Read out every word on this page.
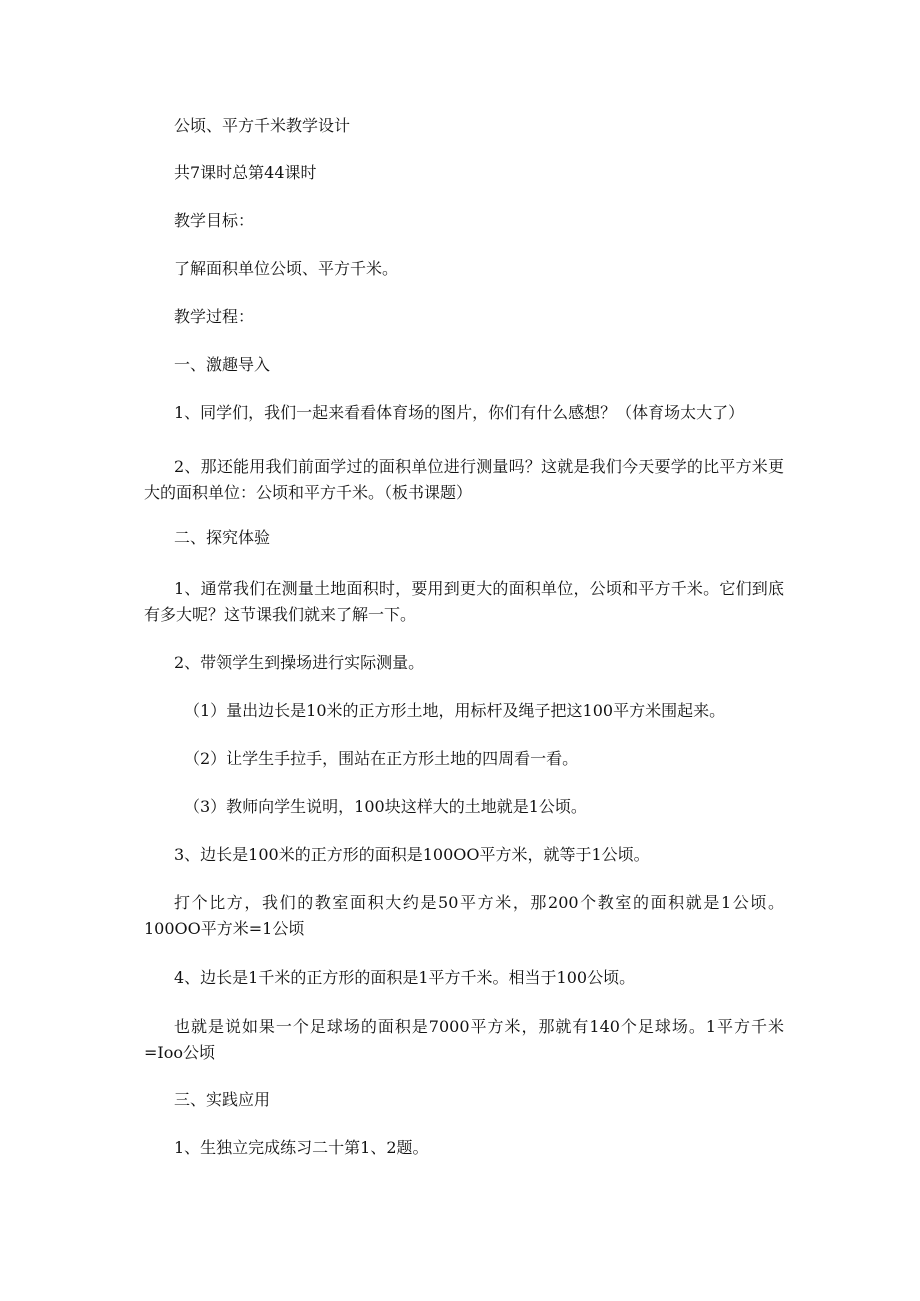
公顷、平方千米教学设计

共7课时总第44课时

教学目标：

了解面积单位公顷、平方千米。

教学过程：

一、激趣导入

1、同学们，我们一起来看看体育场的图片，你们有什么感想？（体育场太大了）

2、那还能用我们前面学过的面积单位进行测量吗？这就是我们今天要学的比平方米更大的面积单位：公顷和平方千米。（板书课题）

二、探究体验

1、通常我们在测量土地面积时，要用到更大的面积单位，公顷和平方千米。它们到底有多大呢？这节课我们就来了解一下。

2、带领学生到操场进行实际测量。

（1）量出边长是10米的正方形土地，用标杆及绳子把这100平方米围起来。

（2）让学生手拉手，围站在正方形土地的四周看一看。

（3）教师向学生说明，100块这样大的土地就是1公顷。

3、边长是100米的正方形的面积是100OO平方米，就等于1公顷。

打个比方，我们的教室面积大约是50平方米，那200个教室的面积就是1公顷。100OO平方米=1公顷

4、边长是1千米的正方形的面积是1平方千米。相当于100公顷。

也就是说如果一个足球场的面积是7000平方米，那就有140个足球场。1平方千米=Ioo公顷

三、实践应用

1、生独立完成练习二十第1、2题。
